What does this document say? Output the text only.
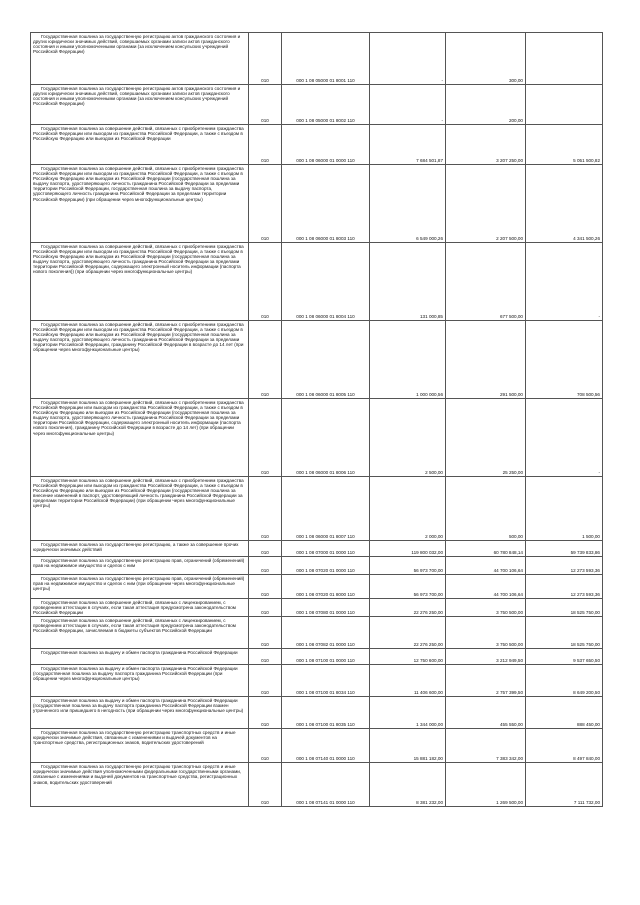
Государственная пошлина за государственную регистрацию актов гражданского состояния и других юридически значимых действий, совершаемых органами записи актов гражданского состояния и иными уполномоченными органами (за исключением консульских учреждений Российской Федерации)	010	000 1 08 05000 01 8001 110	-	300,00	

Государственная пошлина за государственную регистрацию актов гражданского состояния и других юридически значимых действий, совершаемых органами записи актов гражданского состояния и иными уполномоченными органами (за исключением консульских учреждений Российской Федерации)	010	000 1 08 05000 01 8002 110	-	200,00	

Государственная пошлина за совершение действий, связанных с приобретением гражданства Российской Федерации или выходом из гражданства Российской Федерации, а также с въездом в Российскую Федерацию или выездом из Российской Федерации	010	000 1 08 06000 01 0000 110	7 684 501,87	3 207 250,00	5 051 500,82

Государственная пошлина за совершение действий, связанных с приобретением гражданства Российской Федерации или выходом из гражданства Российской Федерации, а также с въездом в Российскую Федерацию или выездом из Российской Федерации (государственная пошлина за выдачу паспорта, удостоверяющего личность гражданина Российской Федерации за пределами территории Российской Федерации, государственная пошлина за выдачу паспорта, удостоверяющего личность гражданина Российской Федерации за пределами территории Российской Федерации) (при обращении через многофункциональные центры)	010	000 1 08 06000 01 8003 110	6 549 000,26	2 207 500,00	4 341 500,26

Государственная пошлина за совершение действий, связанных с приобретением гражданства Российской Федерации или выходом из гражданства Российской Федерации, а также с въездом в Российскую Федерацию или выездом из Российской Федерации (государственная пошлина за выдачу паспорта, удостоверяющего личность гражданина Российской Федерации за пределами территории Российской Федерации, содержащего электронный носитель информации (паспорта нового поколения)) (при обращении через многофункциональные центры)	010	000 1 08 06000 01 8004 110	131 000,85	677 500,00	-

Государственная пошлина за совершение действий, связанных с приобретением гражданства Российской Федерации или выходом из гражданства Российской Федерации, а также с въездом в Российскую Федерацию или выездом из Российской Федерации (государственная пошлина за выдачу паспорта, удостоверяющего личность гражданина Российской Федерации за пределами территории Российской Федерации, гражданину Российской Федерации в возрасте до 14 лет (при обращении через многофункциональные центры)	010	000 1 08 06000 01 8005 110	1 000 000,56	291 500,00	708 500,56

Государственная пошлина за совершение действий, связанных с приобретением гражданства Российской Федерации или выходом из гражданства Российской Федерации, а также с въездом в Российскую Федерацию или выездом из Российской Федерации (государственная пошлина за выдачу паспорта, удостоверяющего личность гражданина Российской Федерации за пределами территории Российской Федерации, содержащего электронный носитель информации (паспорта нового поколения), гражданину Российской Федерации в возрасте до 14 лет) (при обращении через многофункциональные центры)	010	000 1 08 06000 01 8006 110	2 500,00	25 250,00	-

Государственная пошлина за совершение действий, связанных с приобретением гражданства Российской Федерации или выходом из гражданства Российской Федерации, а также с въездом в Российскую Федерацию или выездом из Российской Федерации (государственная пошлина за внесение изменений в паспорт, удостоверяющий личность гражданина Российской Федерации за пределами территории Российской Федерации) (при обращении через многофункциональные центры)	010	000 1 08 06000 01 8007 110	2 000,00	500,00	1 500,00

Государственная пошлина за государственную регистрацию, а также за совершение прочих юридически значимых действий	010	000 1 08 07000 01 0000 110	119 800 032,00	60 780 848,14	59 739 833,86

Государственная пошлина за государственную регистрацию прав, ограничений (обременений) прав на недвижимое имущество и сделок с ним	010	000 1 08 07020 01 0000 110	56 973 700,00	44 700 106,64	12 273 593,36

Государственная пошлина за государственную регистрацию прав, ограничений (обременений) прав на недвижимое имущество и сделок с ним (при обращении через многофункциональные центры)	010	000 1 08 07020 01 8000 110	56 973 700,00	44 700 106,64	12 273 593,36

Государственная пошлина за совершение действий, связанных с лицензированием, с проведением аттестации в случаях, если такая аттестация предусмотрена законодательством Российской Федерации	010	000 1 08 07080 01 0000 110	22 276 250,00	3 750 500,00	18 525 750,00

Государственная пошлина за совершение действий, связанных с лицензированием, с проведением аттестации в случаях, если такая аттестация предусмотрена законодательством Российской Федерации, зачисляемая в бюджеты субъектов Российской Федерации	010	000 1 08 07082 01 0000 110	22 276 250,00	3 750 500,00	18 525 750,00

Государственная пошлина за выдачу и обмен паспорта гражданина Российской Федерации	010	000 1 08 07100 01 0000 110	12 750 600,00	3 212 949,50	9 537 650,50

Государственная пошлина за выдачу и обмен паспорта гражданина Российской Федерации (государственная пошлина за выдачу паспорта гражданина Российской Федерации (при обращении через многофункциональные центры)	010	000 1 08 07100 01 8034 110	11 406 600,00	2 757 399,50	8 649 200,50

Государственная пошлина за выдачу и обмен паспорта гражданина Российской Федерации (государственная пошлина за выдачу паспорта гражданина Российской Федерации взамен утраченного или пришедшего в негодность (при обращении через многофункциональные центры)	010	000 1 08 07100 01 8035 110	1 344 000,00	455 550,00	888 450,00

Государственная пошлина за государственную регистрацию транспортных средств и иные юридически значимые действия, связанные с изменениями и выдачей документов на транспортные средства, регистрационных знаков, водительских удостоверений	010	000 1 08 07140 01 0000 110	15 881 182,00	7 383 342,00	8 497 840,00

Государственная пошлина за государственную регистрацию транспортных средств и иные юридически значимые действия уполномоченными федеральными государственными органами, связанные с изменениями и выдачей документов на транспортные средства, регистрационных знаков, водительских удостоверений	010	000 1 08 07141 01 0000 110	8 381 232,00	1 269 500,00	7 111 732,00
